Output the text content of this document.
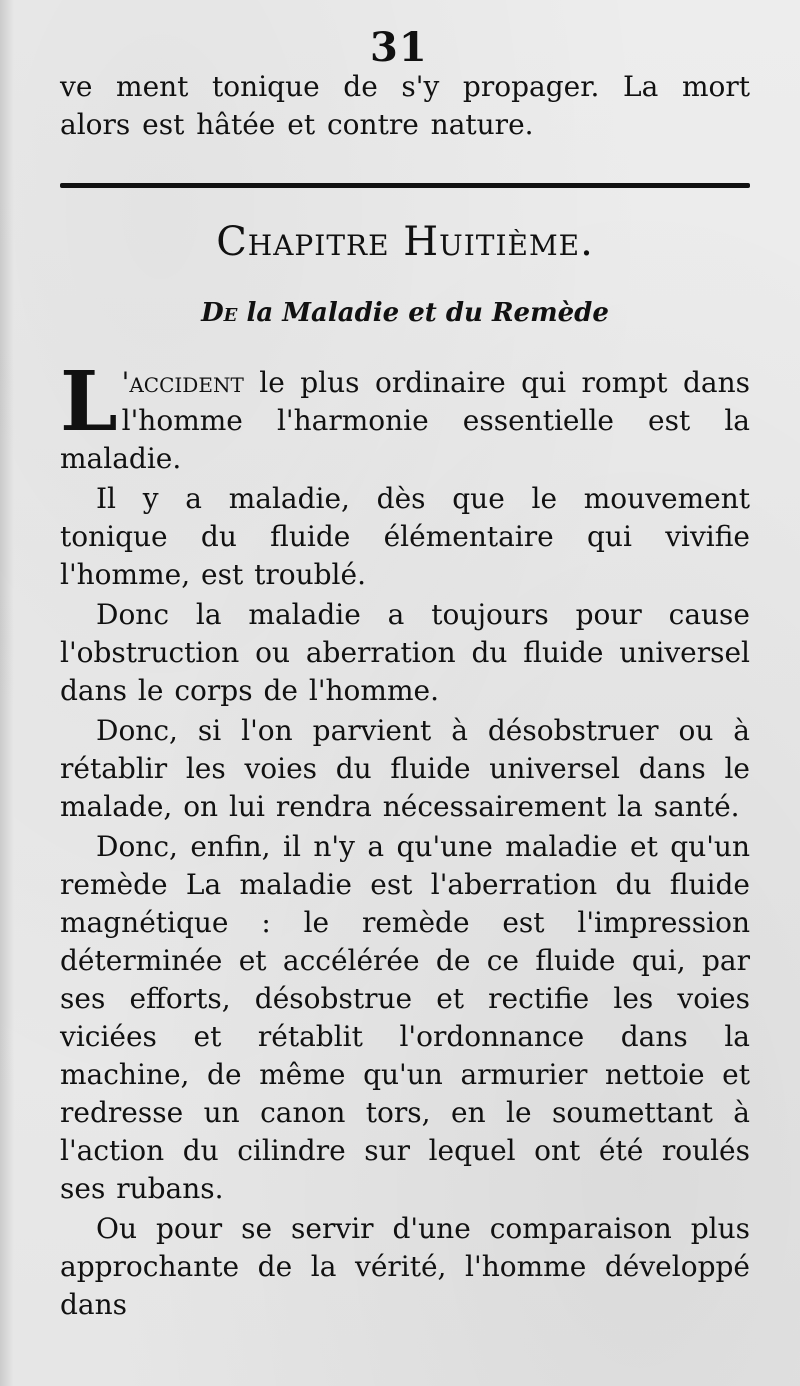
31
ve ment tonique de s'y propager. La mort alors est hâtée et contre nature.
Chapitre Huitième.
De la Maladie et du Remède

L 'accident le plus ordinaire qui rompt dans l'homme l'harmonie essentielle est la maladie.

Il y a maladie, dès que le mouvement tonique du fluide élémentaire qui vivifie l'homme, est troublé.

Donc la maladie a toujours pour cause l'obstruction ou aberration du fluide universel dans le corps de l'homme.

Donc, si l'on parvient à désobstruer ou à rétablir les voies du fluide universel dans le malade, on lui rendra nécessairement la santé.

Donc, enfin, il n'y a qu'une maladie et qu'un remède La maladie est l'aberration du fluide magnétique : le remède est l'impression déterminée et accélérée de ce fluide qui, par ses efforts, désobstrue et rectifie les voies viciées et rétablit l'ordonnance dans la machine, de même qu'un armurier nettoie et redresse un canon tors, en le soumettant à l'action du cilindre sur lequel ont été roulés ses rubans.

Ou pour se servir d'une comparaison plus approchante de la vérité, l'homme développé dans
